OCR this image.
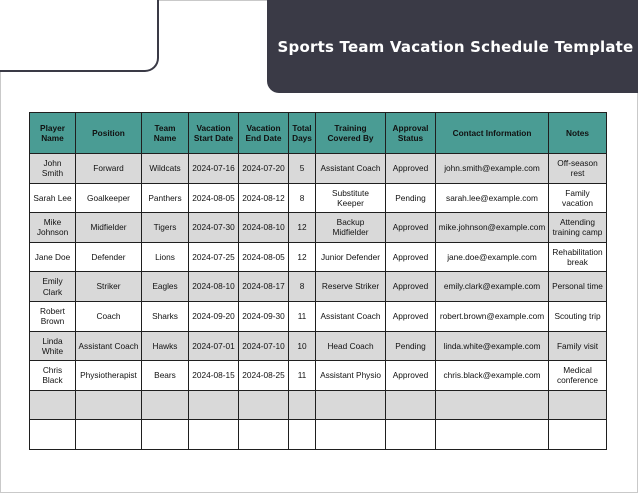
Sports Team Vacation Schedule Template
Player Name	Position	Team Name	Vacation Start Date	Vacation End Date	Total Days	Training Covered By	Approval Status	Contact Information	Notes
John Smith	Forward	Wildcats	2024-07-16	2024-07-20	5	Assistant Coach	Approved	john.smith@example.com	Off-season rest
Sarah Lee	Goalkeeper	Panthers	2024-08-05	2024-08-12	8	Substitute Keeper	Pending	sarah.lee@example.com	Family vacation
Mike Johnson	Midfielder	Tigers	2024-07-30	2024-08-10	12	Backup Midfielder	Approved	mike.johnson@example.com	Attending training camp
Jane Doe	Defender	Lions	2024-07-25	2024-08-05	12	Junior Defender	Approved	jane.doe@example.com	Rehabilitation break
Emily Clark	Striker	Eagles	2024-08-10	2024-08-17	8	Reserve Striker	Approved	emily.clark@example.com	Personal time
Robert Brown	Coach	Sharks	2024-09-20	2024-09-30	11	Assistant Coach	Approved	robert.brown@example.com	Scouting trip
Linda White	Assistant Coach	Hawks	2024-07-01	2024-07-10	10	Head Coach	Pending	linda.white@example.com	Family visit
Chris Black	Physiotherapist	Bears	2024-08-15	2024-08-25	11	Assistant Physio	Approved	chris.black@example.com	Medical conference
